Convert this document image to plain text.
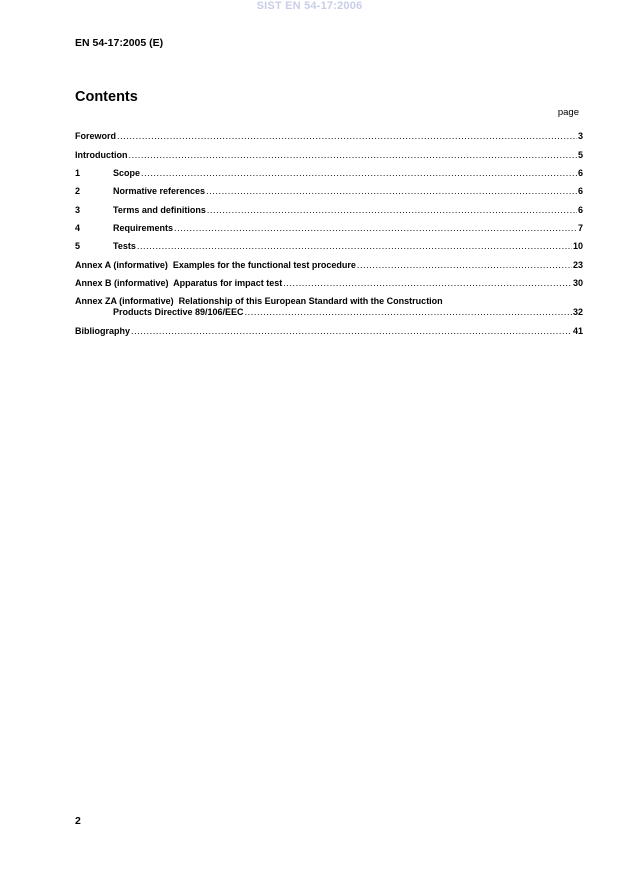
SIST EN 54-17:2006
EN 54-17:2005 (E)
Contents
page
Foreword .....	3
Introduction .....	5
1	Scope .....	6
2	Normative references .....	6
3	Terms and definitions .....	6
4	Requirements .....	7
5	Tests .....	10
Annex A (informative)  Examples for the functional test procedure .....	23
Annex B (informative)  Apparatus for impact test .....	30
Annex ZA (informative)  Relationship of this European Standard with the Construction
Products Directive 89/106/EEC .....	32
Bibliography .....	41
2
